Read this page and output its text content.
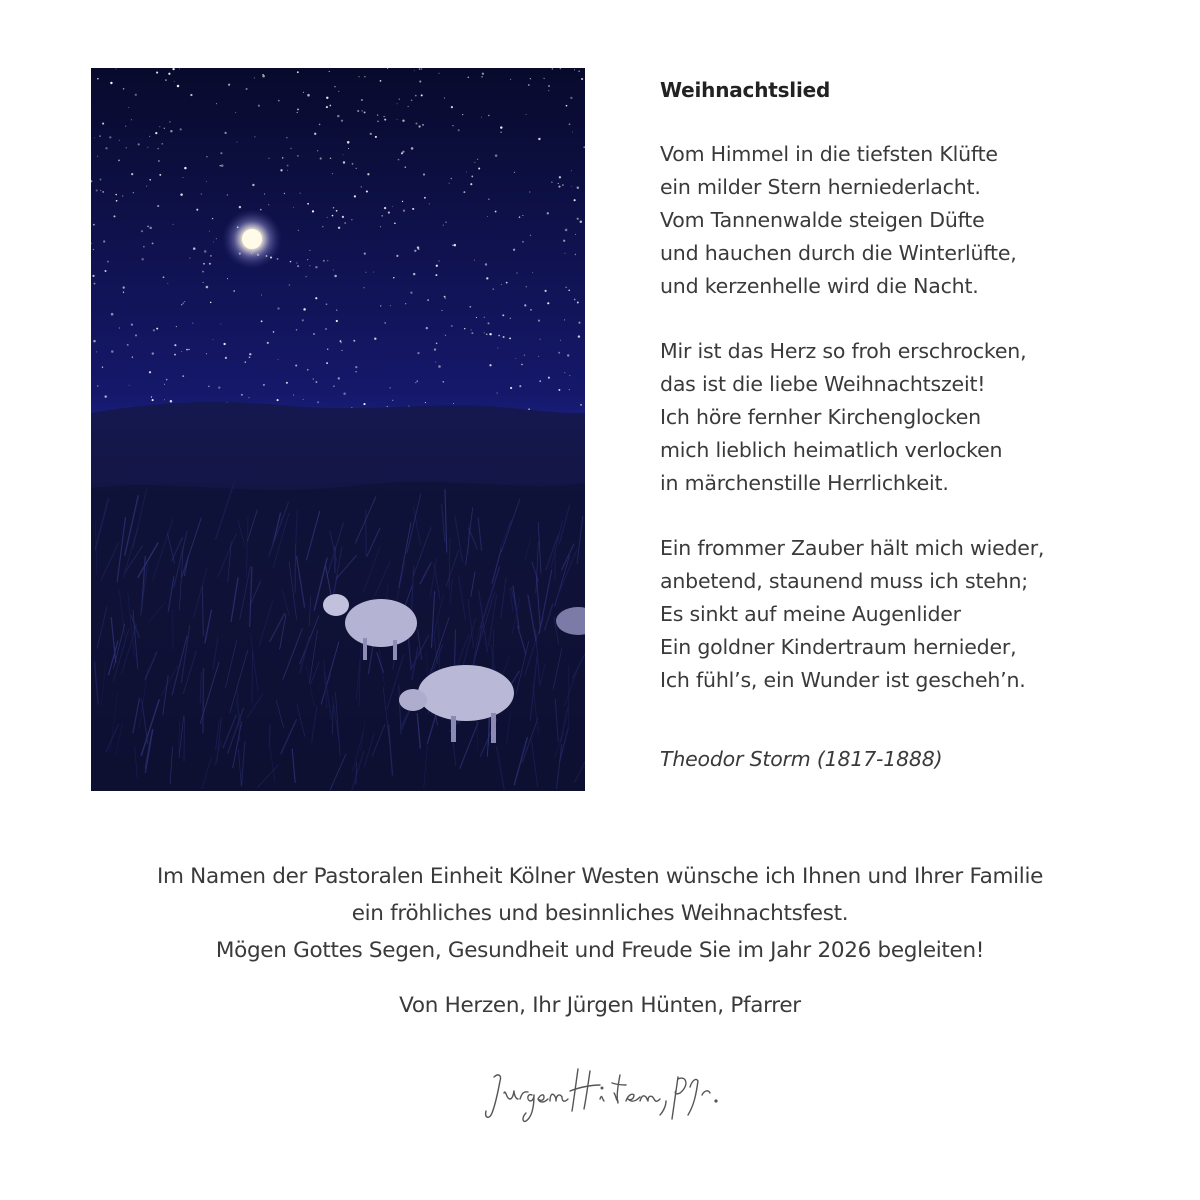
Weihnachtslied
Vom Himmel in die tiefsten Klüfte
ein milder Stern herniederlacht.
Vom Tannenwalde steigen Düfte
und hauchen durch die Winterlüfte,
und kerzenhelle wird die Nacht.
Mir ist das Herz so froh erschrocken,
das ist die liebe Weihnachtszeit!
Ich höre fernher Kirchenglocken
mich lieblich heimatlich verlocken
in märchenstille Herrlichkeit.
Ein frommer Zauber hält mich wieder,
anbetend, staunend muss ich stehn;
Es sinkt auf meine Augenlider
Ein goldner Kindertraum hernieder,
Ich fühl’s, ein Wunder ist gescheh’n.
Theodor Storm (1817-1888)
Im Namen der Pastoralen Einheit Kölner Westen wünsche ich Ihnen und Ihrer Familie
ein fröhliches und besinnliches Weihnachtsfest.
Mögen Gottes Segen, Gesundheit und Freude Sie im Jahr 2026 begleiten!
Von Herzen, Ihr Jürgen Hünten, Pfarrer
